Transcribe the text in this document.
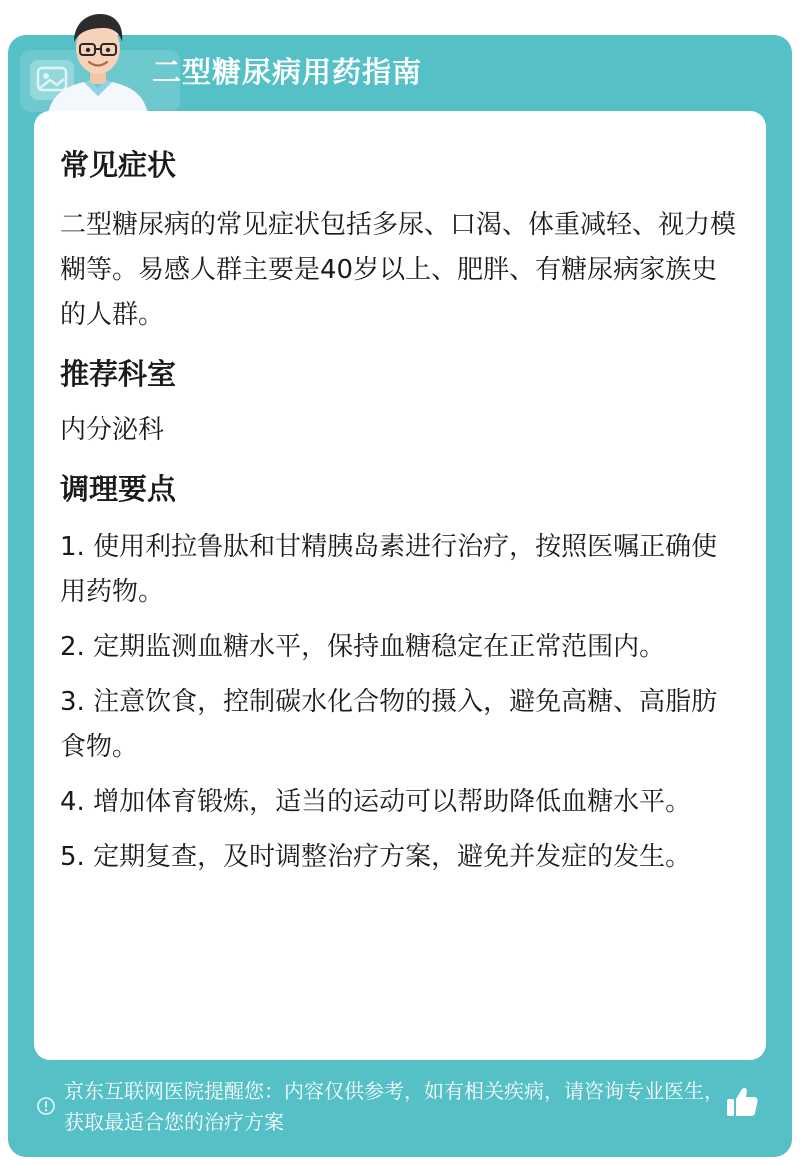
二型糖尿病用药指南
常见症状

二型糖尿病的常见症状包括多尿、口渴、体重减轻、视力模糊等。易感人群主要是40岁以上、肥胖、有糖尿病家族史的人群。

推荐科室

内分泌科

调理要点

1. 使用利拉鲁肽和甘精胰岛素进行治疗，按照医嘱正确使用药物。

2. 定期监测血糖水平，保持血糖稳定在正常范围内。

3. 注意饮食，控制碳水化合物的摄入，避免高糖、高脂肪食物。

4. 增加体育锻炼，适当的运动可以帮助降低血糖水平。

5. 定期复查，及时调整治疗方案，避免并发症的发生。

京东互联网医院提醒您：内容仅供参考，如有相关疾病，请咨询专业医生，获取最适合您的治疗方案
